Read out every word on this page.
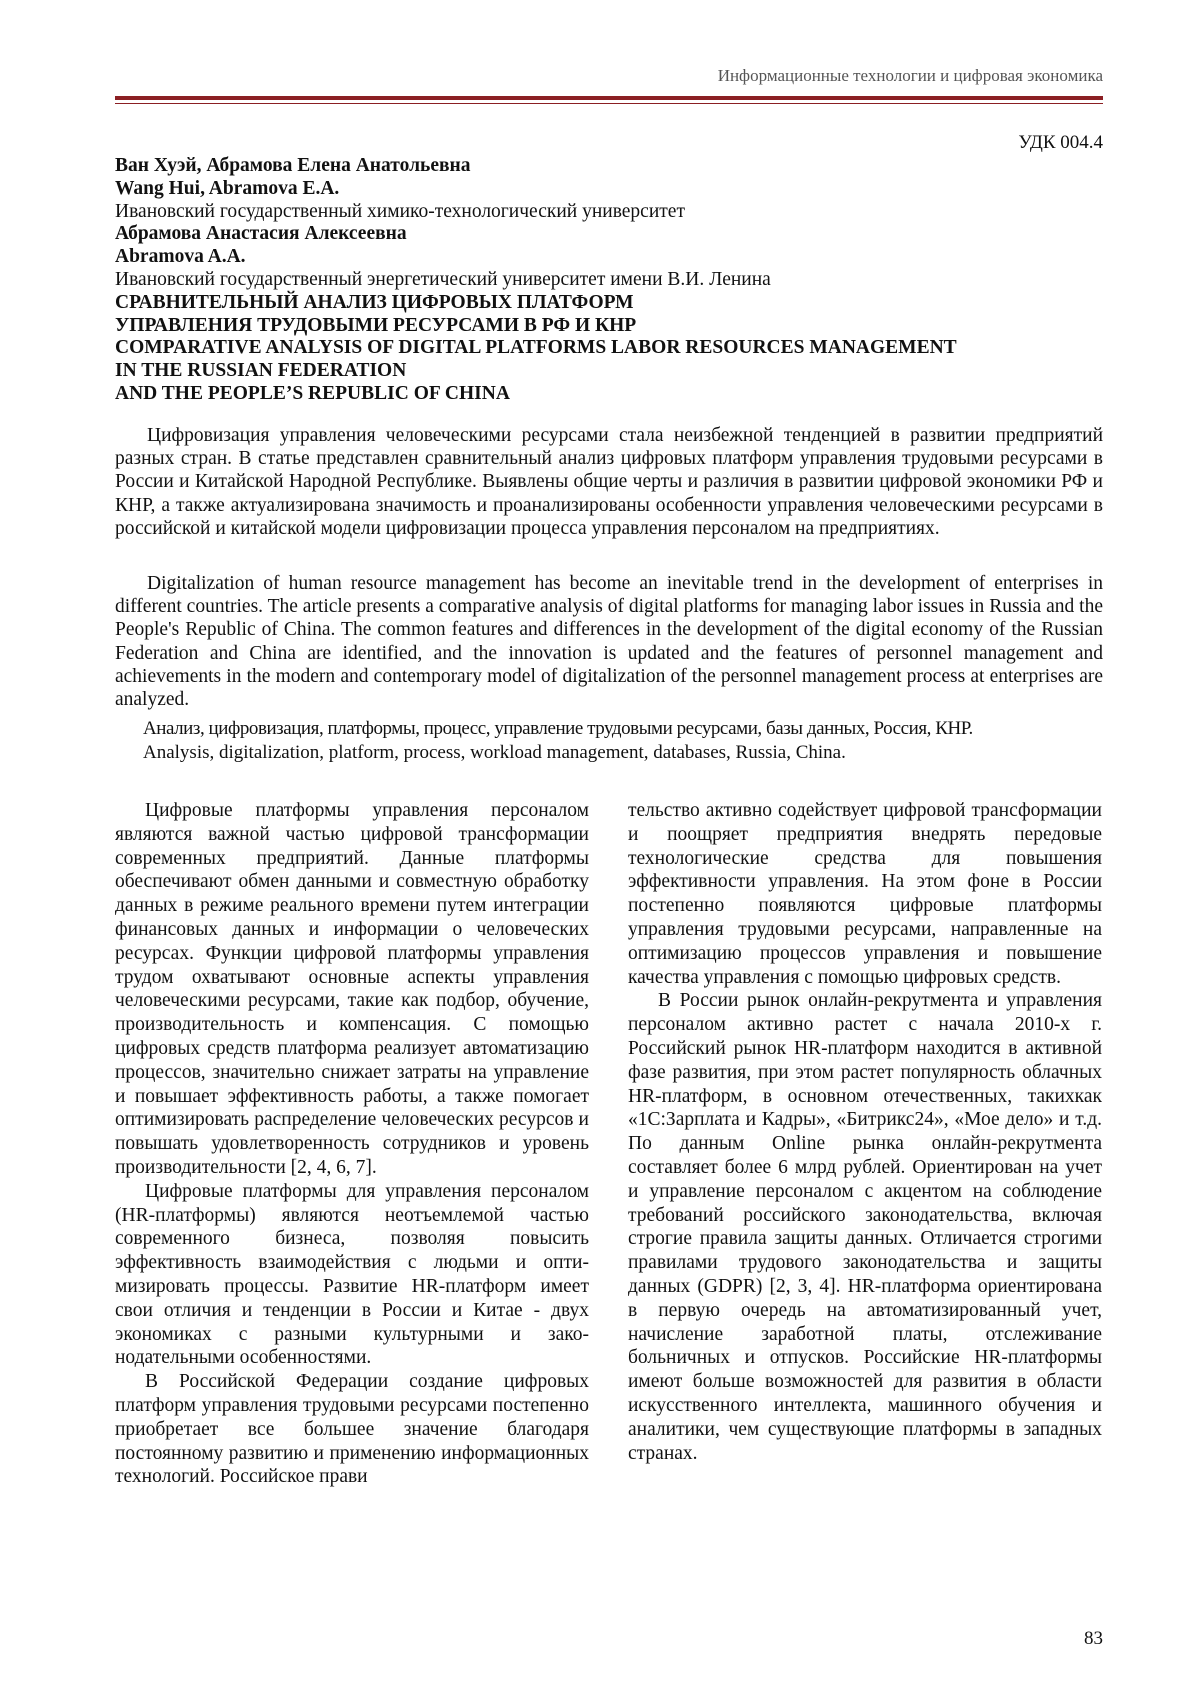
Информационные технологии и цифровая экономика
УДК 004.4
Ван Хуэй, Абрамова Елена Анатольевна
Wang Hui, Abramova E.A.
Ивановский государственный химико-технологический университет
Абрамова Анастасия Алексеевна
Abramova A.A.
Ивановский государственный энергетический университет имени В.И. Ленина
СРАВНИТЕЛЬНЫЙ АНАЛИЗ ЦИФРОВЫХ ПЛАТФОРМ
УПРАВЛЕНИЯ ТРУДОВЫМИ РЕСУРСАМИ В РФ И КНР
COMPARATIVE ANALYSIS OF DIGITAL PLATFORMS LABOR RESOURCES MANAGEMENT
IN THE RUSSIAN FEDERATION
AND THE PEOPLE’S REPUBLIC OF CHINA

Цифровизация управления человеческими ресурсами стала неизбежной тенденцией в развитии предприятий разных стран. В статье представлен сравнительный анализ цифровых платформ управления трудовыми ресурсами в России и Китайской Народной Республике. Выявлены общие черты и различия в развитии цифровой экономики РФ и КНР, а также актуализирована значимость и проанализированы особенности управления человеческими ресурсами в российской и китайской модели цифровизации процесса управления персоналом на предприятиях.

Digitalization of human resource management has become an inevitable trend in the development of enterprises in different countries. The article presents a comparative analysis of digital platforms for managing labor issues in Russia and the People's Republic of China. The common features and differences in the development of the digital economy of the Russian Federation and China are identified, and the innovation is updated and the features of personnel management and achievements in the modern and contemporary model of digitalization of the personnel management process at enterprises are analyzed.

Анализ, цифровизация, платформы, процесс, управление трудовыми ресурсами, базы данных, Россия, КНР.

Analysis, digitalization, platform, process, workload management, databases, Russia, China.

Цифровые платформы управления персоналом являются важной частью цифровой трансформации современных предприятий. Данные платформы обеспечивают обмен данными и совместную обработку данных в режиме реального времени путем интеграции финансовых данных и информации о человеческих ресурсах. Функции цифровой платформы управления трудом охватывают основные аспекты управления человеческими ресурсами, такие как подбор, обучение, производительность и компенсация. С помощью цифровых средств платформа реализует автоматизацию процессов, значительно снижает затраты на управление и повышает эффективность работы, а также помогает оптимизировать распределение человеческих ресурсов и повышать удовлетворенность сотрудников и уровень производительности [2, 4, 6, 7].

Цифровые платформы для управления персоналом (HR-платформы) являются неотъемлемой частью современного бизнеса, позволяя повысить эффективность взаимодействия с людьми и оптимизировать процессы. Развитие HR-платформ имеет свои отличия и тенденции в России и Китае - двух экономиках с разными культурными и законодательными особенностями.

В Российской Федерации создание цифровых платформ управления трудовыми ресурсами постепенно приобретает все большее значение благодаря постоянному развитию и применению информационных технологий. Российское прави

тельство активно содействует цифровой трансформации и поощряет предприятия внедрять передовые технологические средства для повышения эффективности управления. На этом фоне в России постепенно появляются цифровые платформы управления трудовыми ресурсами, направленные на оптимизацию процессов управления и повышение качества управления с помощью цифровых средств.

В России рынок онлайн-рекрутмента и управления персоналом активно растет с начала 2010-х г. Российский рынок HR-платформ находится в активной фазе развития, при этом растет популярность облачных HR-платформ, в основном отечественных, такихкак «1С:Зарплата и Кадры», «Битрикс24», «Мое дело» и т.д. По данным Online рынка онлайн-рекрутмента составляет более 6 млрд рублей. Ориентирован на учет и управление персоналом с акцентом на соблюдение требований российского законодательства, включая строгие правила защиты данных. Отличается строгими правилами трудового законодательства и защиты данных (GDPR) [2, 3, 4]. HR-платформа ориентирована в первую очередь на автоматизированный учет, начисление заработной платы, отслеживание больничных и отпусков. Российские HR-платформы имеют больше возможностей для развития в области искусственного интеллекта, машинного обучения и аналитики, чем существующие платформы в западных странах.

83
